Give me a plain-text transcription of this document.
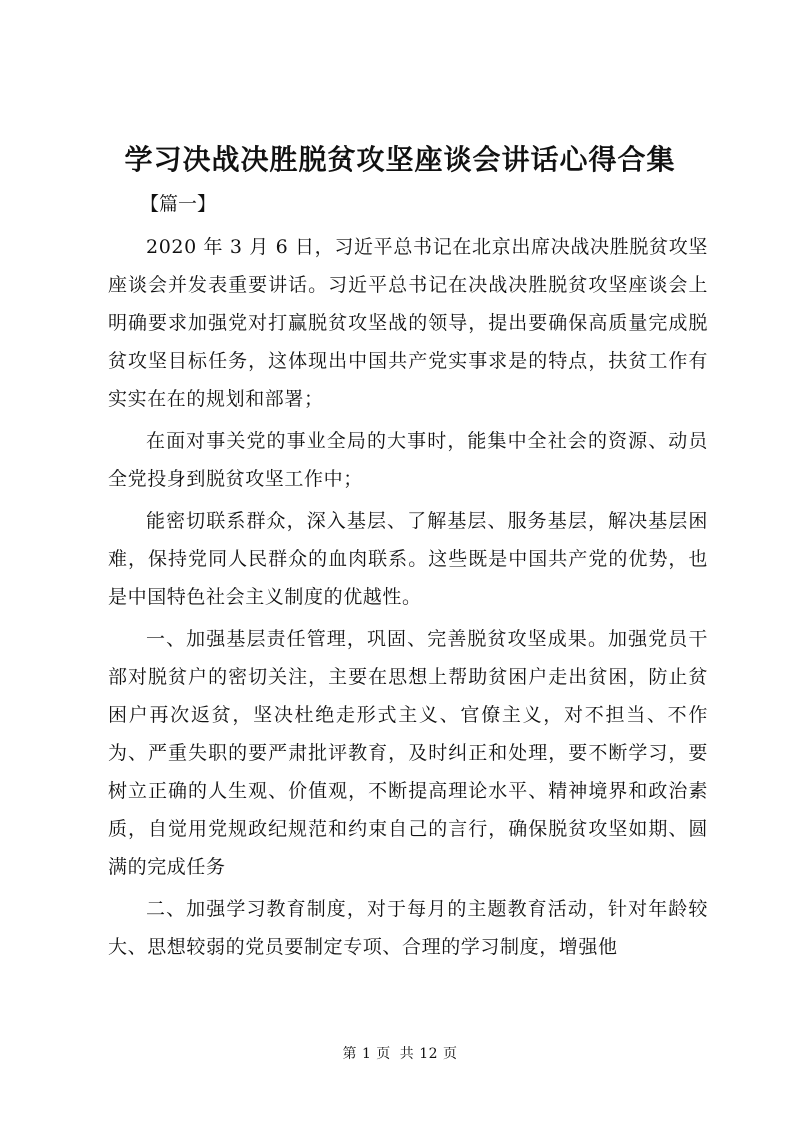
学习决战决胜脱贫攻坚座谈会讲话心得合集

【篇一】

2020 年 3 月 6 日，习近平总书记在北京出席决战决胜脱贫攻坚座谈会并发表重要讲话。习近平总书记在决战决胜脱贫攻坚座谈会上明确要求加强党对打赢脱贫攻坚战的领导，提出要确保高质量完成脱贫攻坚目标任务，这体现出中国共产党实事求是的特点，扶贫工作有实实在在的规划和部署；

在面对事关党的事业全局的大事时，能集中全社会的资源、动员全党投身到脱贫攻坚工作中；

能密切联系群众，深入基层、了解基层、服务基层，解决基层困难，保持党同人民群众的血肉联系。这些既是中国共产党的优势，也是中国特色社会主义制度的优越性。

一、加强基层责任管理，巩固、完善脱贫攻坚成果。加强党员干部对脱贫户的密切关注，主要在思想上帮助贫困户走出贫困，防止贫困户再次返贫，坚决杜绝走形式主义、官僚主义，对不担当、不作为、严重失职的要严肃批评教育，及时纠正和处理，要不断学习，要树立正确的人生观、价值观，不断提高理论水平、精神境界和政治素质，自觉用党规政纪规范和约束自己的言行，确保脱贫攻坚如期、圆满的完成任务

二、加强学习教育制度，对于每月的主题教育活动，针对年龄较大、思想较弱的党员要制定专项、合理的学习制度，增强他

第 1 页 共 12 页
